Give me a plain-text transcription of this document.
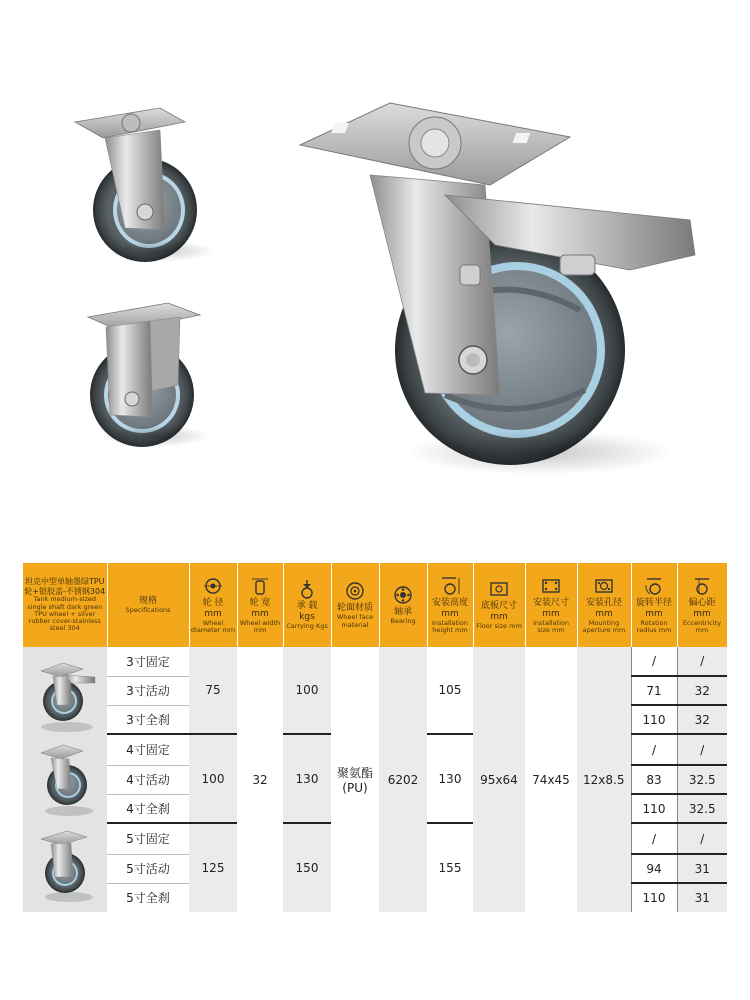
坦克中型单轴墨绿TPU轮+银胶盖-不锈钢304
Tank medium-sized single shaft dark green TPU wheel + silver rubber cover-stainless steel 304	规格
Specifications	轮 径
mm
Wheel diameter mm	轮 宽
mm
Wheel width mm	承 载
kgs
Carrying Kgs	轮面材质
Wheel face material	轴承
Bearing	安装高度
mm
Installation height mm	底板尺寸
mm
Floor size mm	安装尺寸
mm
Installation size mm	安装孔径
mm
Mounting aperture mm	旋转半径
mm
Rotation radius mm	偏心距
mm
Eccentricity mm

	3寸固定	75	32	100	聚氨酯
(PU)	6202	105	95x64	74x45	12x8.5	/	/
	3寸活动										71	32
	3寸全刹										110	32
	4寸固定	100		130			130				/	/
	4寸活动										83	32.5
	4寸全刹										110	32.5
	5寸固定	125		150			155				/	/
	5寸活动										94	31
	5寸全刹										110	31
